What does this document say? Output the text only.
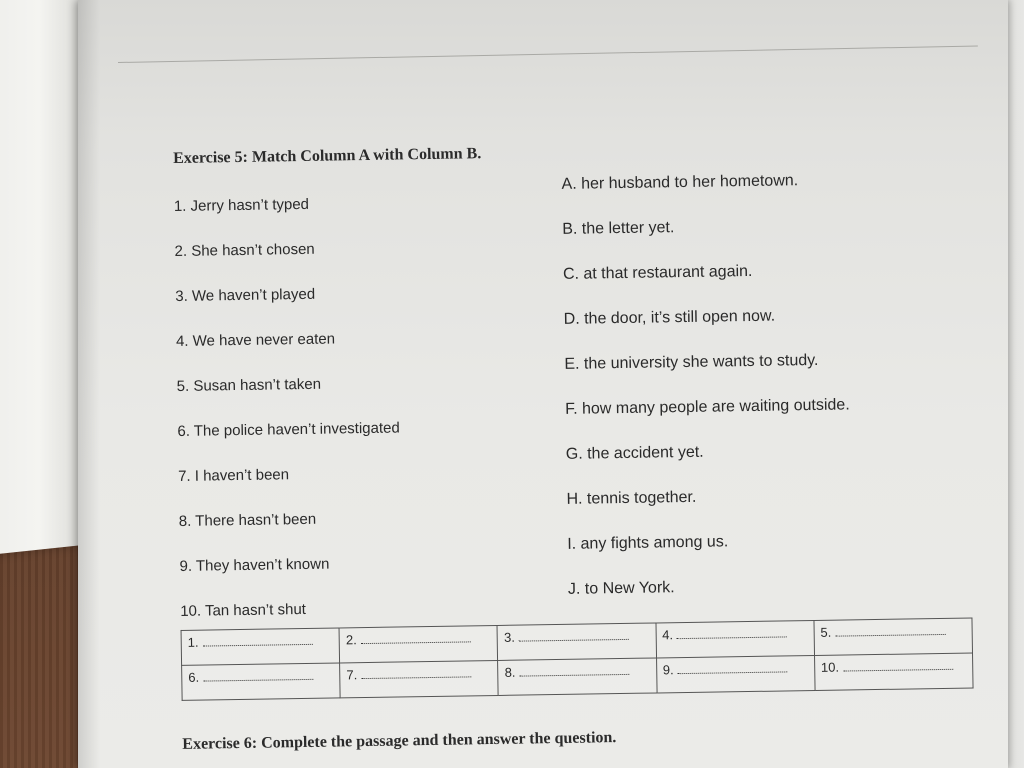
Exercise 5: Match Column A with Column B.
1. Jerry hasn’t typed
A. her husband to her hometown.
2. She hasn’t chosen
B. the letter yet.
3. We haven’t played
C. at that restaurant again.
4. We have never eaten
D. the door, it’s still open now.
5. Susan hasn’t taken
E. the university she wants to study.
6. The police haven’t investigated
F. how many people are waiting outside.
7. I haven’t been
G. the accident yet.
8. There hasn’t been
H. tennis together.
9. They haven’t known
I. any fights among us.
10. Tan hasn’t shut
J. to New York.
1.	2.	3.	4.	5.
6.	7.	8.	9.	10.
Exercise 6: Complete the passage and then answer the question.
